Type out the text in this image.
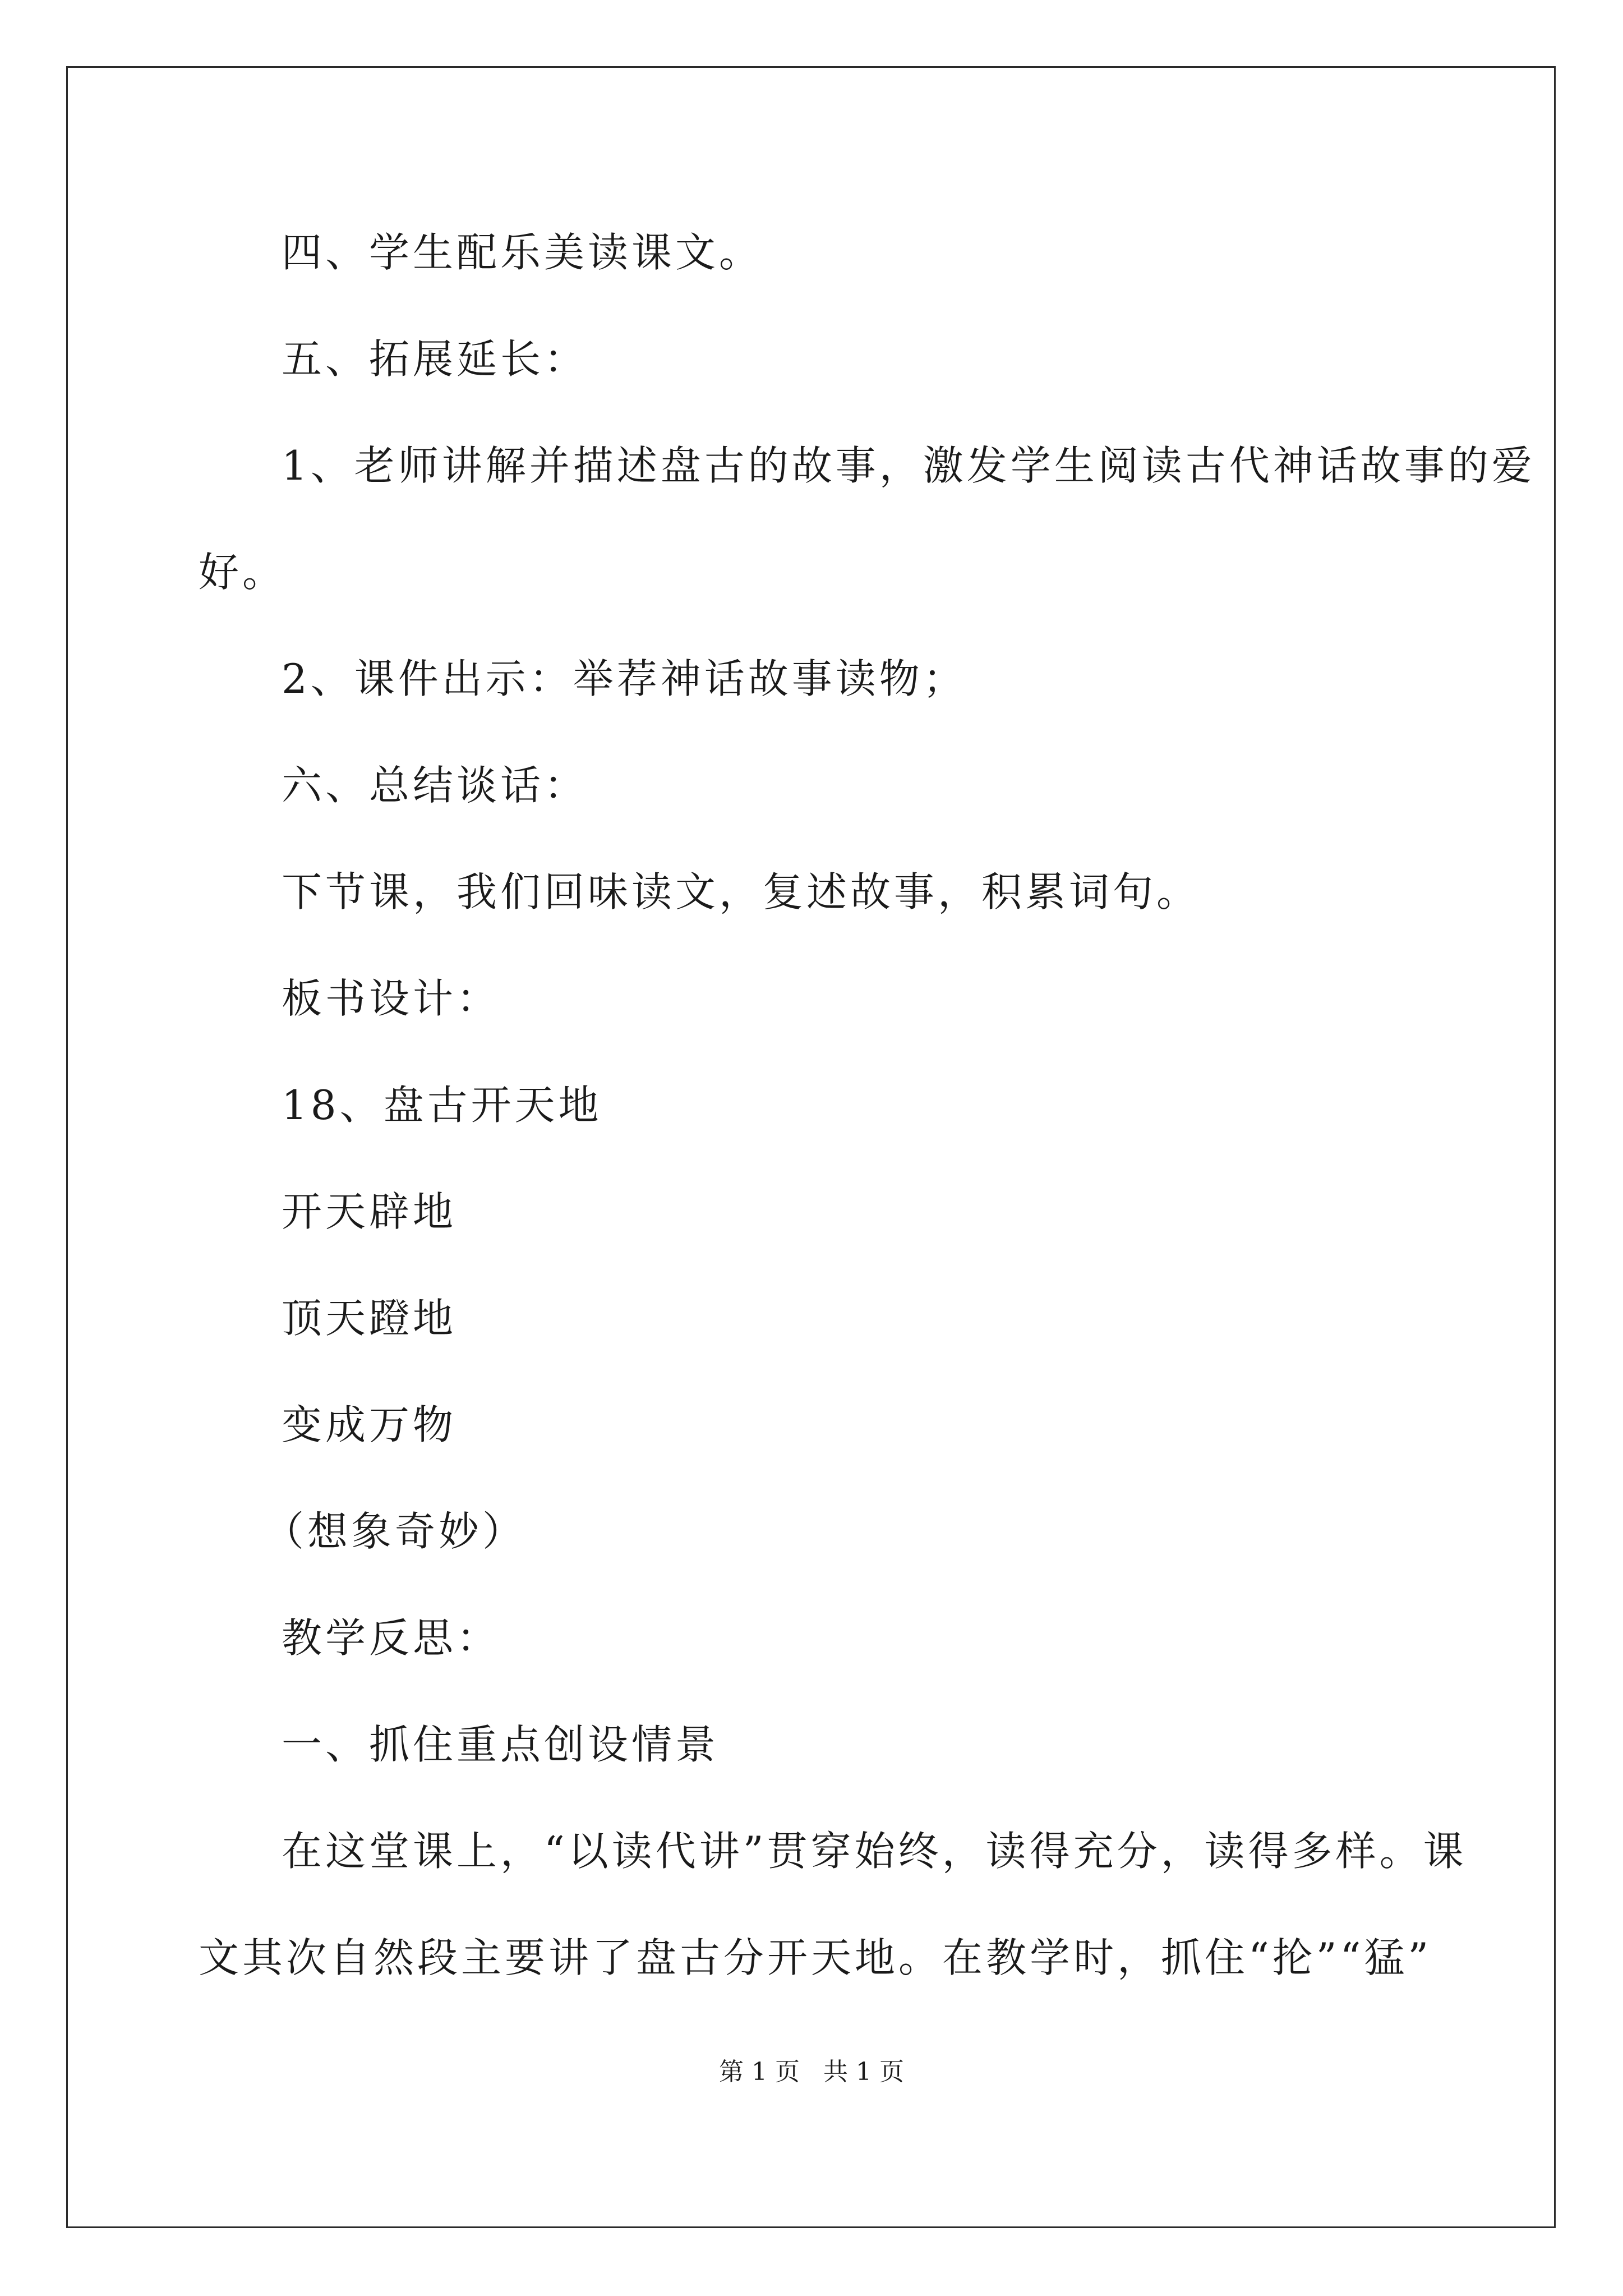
四、学生配乐美读课文。
五、拓展延长：
1、老师讲解并描述盘古的故事，激发学生阅读古代神话故事的爱
好。
2、课件出示：举荐神话故事读物；
六、总结谈话：
下节课，我们回味读文，复述故事，积累词句。
板书设计：
18、盘古开天地
开天辟地
顶天蹬地
变成万物
（想象奇妙）
教学反思：
一、抓住重点创设情景
在这堂课上，“以读代讲”贯穿始终，读得充分，读得多样。课
文其次自然段主要讲了盘古分开天地。在教学时，抓住“抡”“猛”
第 1 页   共 1 页
